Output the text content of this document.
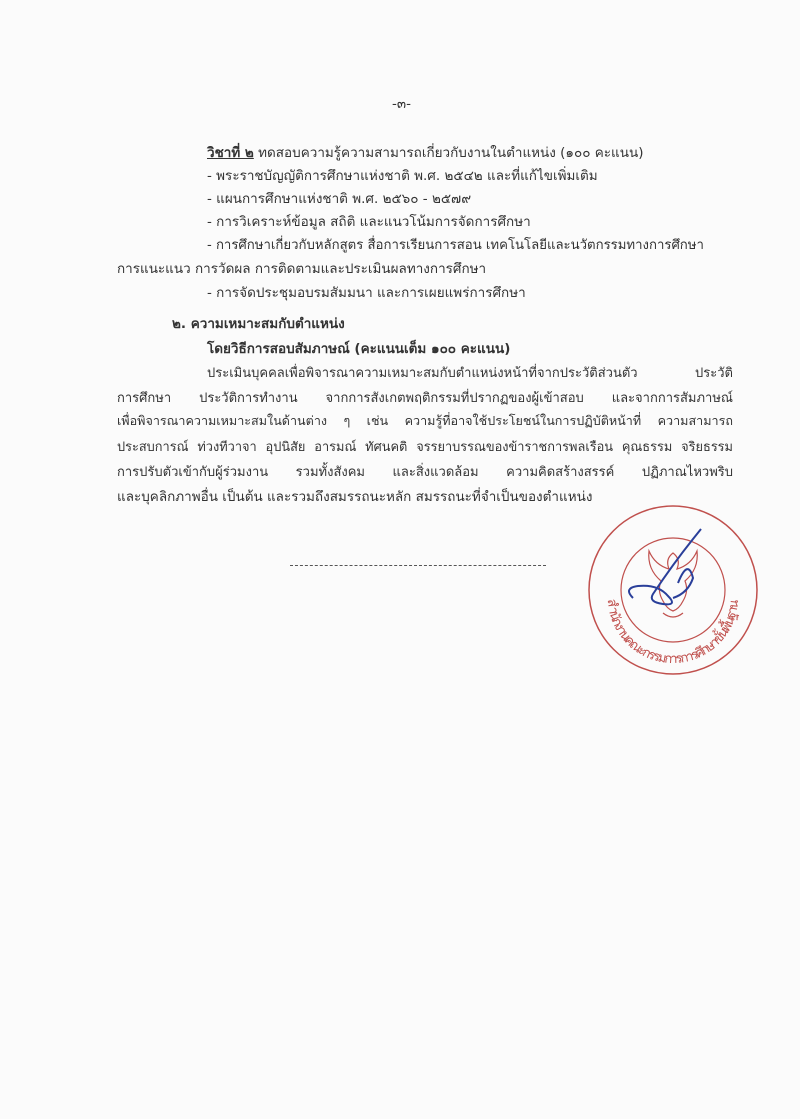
-๓-
วิชาที่ ๒ ทดสอบความรู้ความสามารถเกี่ยวกับงานในตำแหน่ง (๑๐๐ คะแนน)
- พระราชบัญญัติการศึกษาแห่งชาติ พ.ศ. ๒๕๔๒ และที่แก้ไขเพิ่มเติม
- แผนการศึกษาแห่งชาติ พ.ศ. ๒๕๖๐ - ๒๕๗๙
- การวิเคราะห์ข้อมูล สถิติ และแนวโน้มการจัดการศึกษา
- การศึกษาเกี่ยวกับหลักสูตร สื่อการเรียนการสอน เทคโนโลยีและนวัตกรรมทางการศึกษา
การแนะแนว การวัดผล การติดตามและประเมินผลทางการศึกษา
- การจัดประชุมอบรมสัมมนา และการเผยแพร่การศึกษา
๒. ความเหมาะสมกับตำแหน่ง
โดยวิธีการสอบสัมภาษณ์ (คะแนนเต็ม ๑๐๐ คะแนน)
ประเมินบุคคลเพื่อพิจารณาความเหมาะสมกับตำแหน่งหน้าที่จากประวัติส่วนตัว ประวัติ
การศึกษา ประวัติการทำงาน จากการสังเกตพฤติกรรมที่ปรากฏของผู้เข้าสอบ และจากการสัมภาษณ์
เพื่อพิจารณาความเหมาะสมในด้านต่าง ๆ เช่น ความรู้ที่อาจใช้ประโยชน์ในการปฏิบัติหน้าที่ ความสามารถ
ประสบการณ์ ท่วงทีวาจา อุปนิสัย อารมณ์ ทัศนคติ จรรยาบรรณของข้าราชการพลเรือน คุณธรรม จริยธรรม
การปรับตัวเข้ากับผู้ร่วมงาน รวมทั้งสังคม และสิ่งแวดล้อม ความคิดสร้างสรรค์ ปฏิภาณไหวพริบ
และบุคลิกภาพอื่น เป็นต้น และรวมถึงสมรรถนะหลัก สมรรถนะที่จำเป็นของตำแหน่ง
สำนักงานคณะกรรมการการศึกษาขั้นพื้นฐาน
